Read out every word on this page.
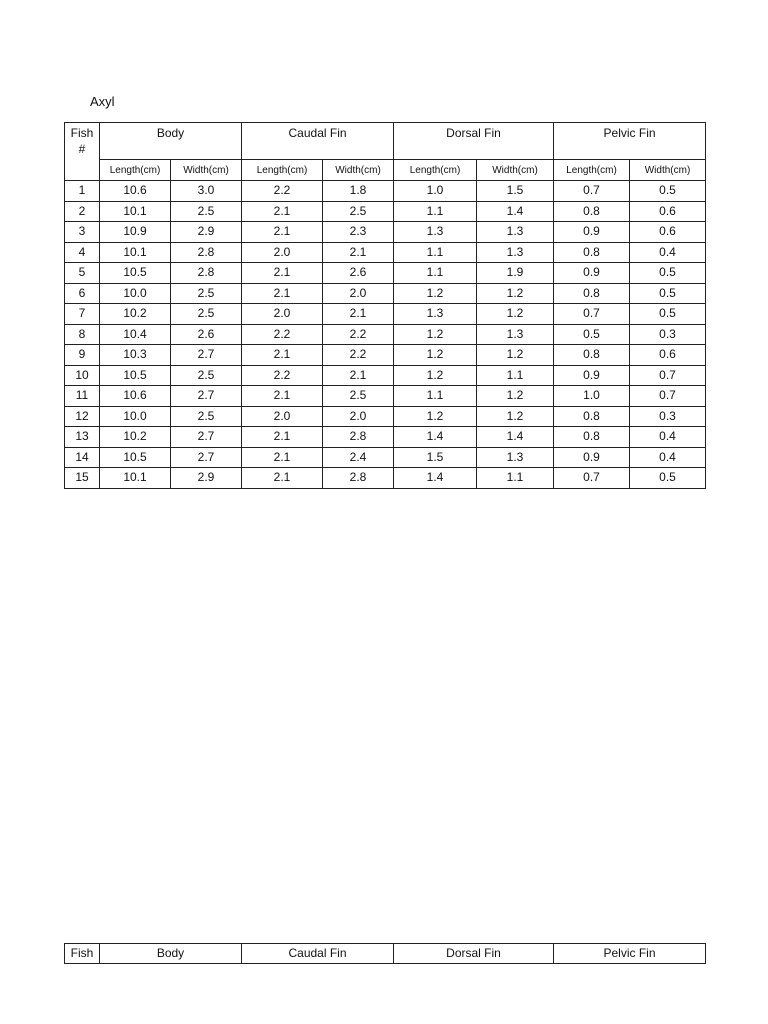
Axyl
Fish
#	Body		Caudal Fin		Dorsal Fin		Pelvic Fin	
	Length(cm)	Width(cm)	Length(cm)	Width(cm)	Length(cm)	Width(cm)	Length(cm)	Width(cm)
1	10.6	3.0	2.2	1.8	1.0	1.5	0.7	0.5
2	10.1	2.5	2.1	2.5	1.1	1.4	0.8	0.6
3	10.9	2.9	2.1	2.3	1.3	1.3	0.9	0.6
4	10.1	2.8	2.0	2.1	1.1	1.3	0.8	0.4
5	10.5	2.8	2.1	2.6	1.1	1.9	0.9	0.5
6	10.0	2.5	2.1	2.0	1.2	1.2	0.8	0.5
7	10.2	2.5	2.0	2.1	1.3	1.2	0.7	0.5
8	10.4	2.6	2.2	2.2	1.2	1.3	0.5	0.3
9	10.3	2.7	2.1	2.2	1.2	1.2	0.8	0.6
10	10.5	2.5	2.2	2.1	1.2	1.1	0.9	0.7
11	10.6	2.7	2.1	2.5	1.1	1.2	1.0	0.7
12	10.0	2.5	2.0	2.0	1.2	1.2	0.8	0.3
13	10.2	2.7	2.1	2.8	1.4	1.4	0.8	0.4
14	10.5	2.7	2.1	2.4	1.5	1.3	0.9	0.4
15	10.1	2.9	2.1	2.8	1.4	1.1	0.7	0.5
Fish	Body	Caudal Fin	Dorsal Fin	Pelvic Fin
